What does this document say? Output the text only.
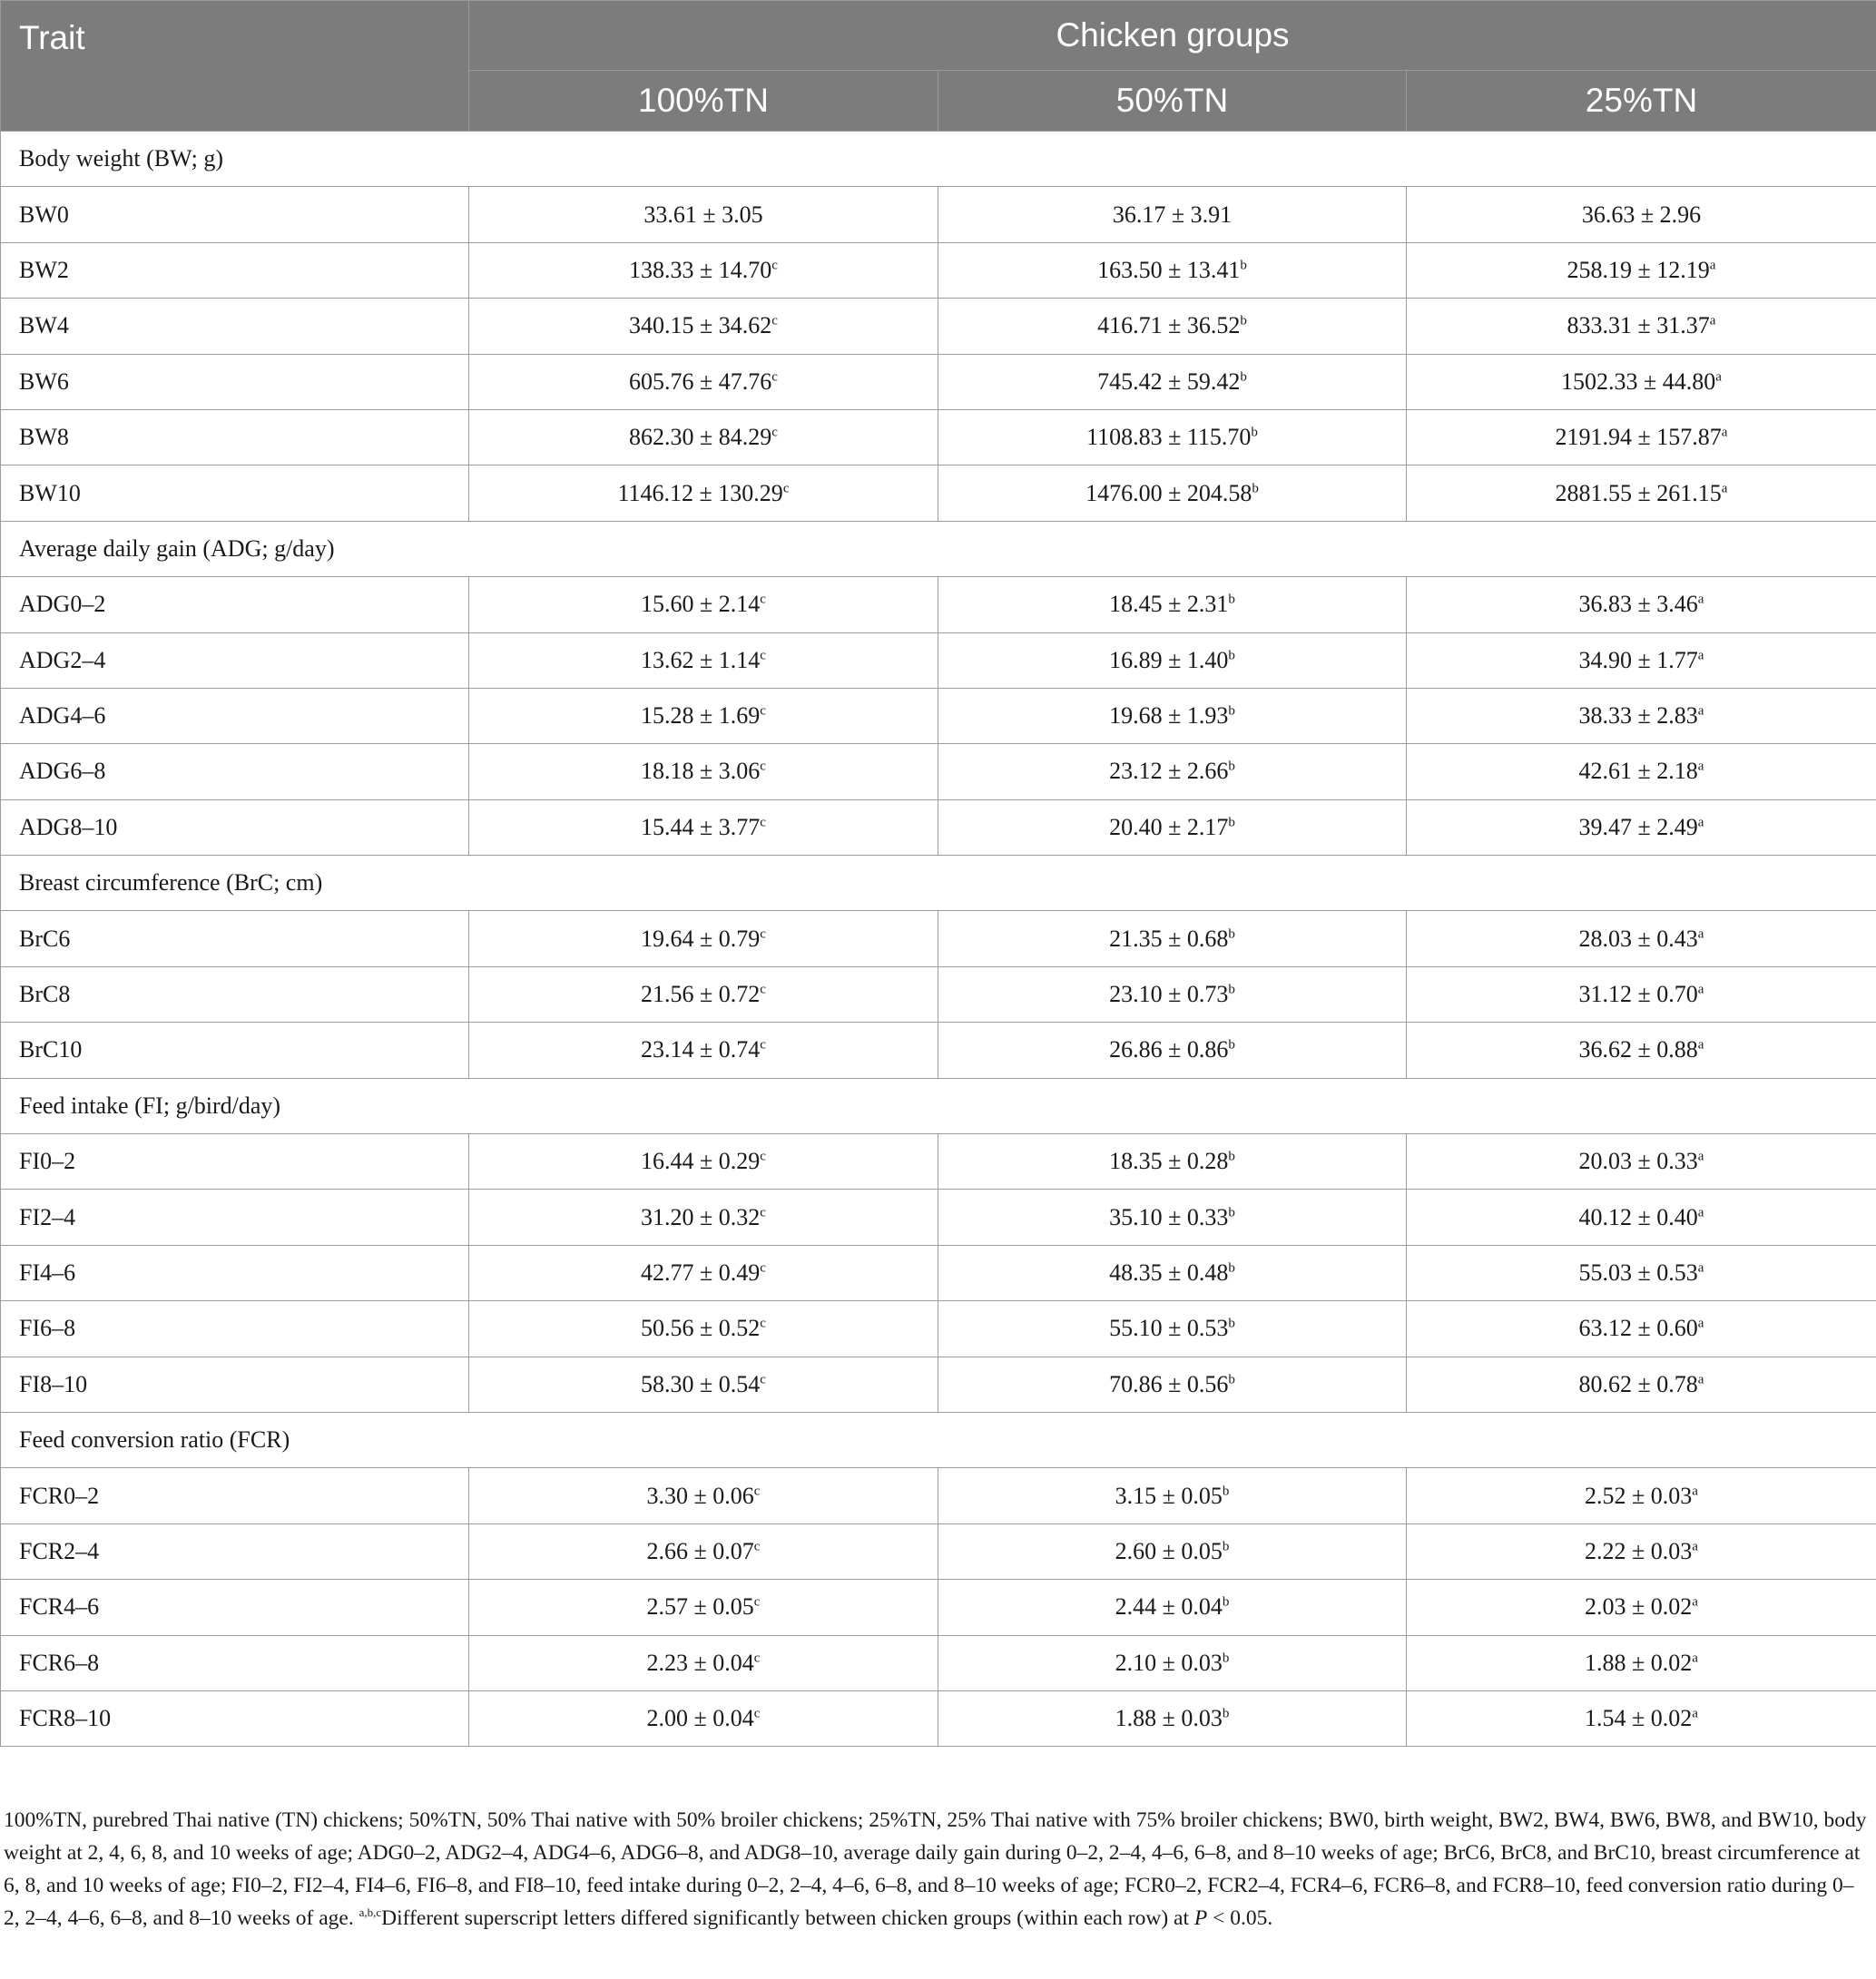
Trait	Chicken groups		
	100%TN	50%TN	25%TN
Body weight (BW; g)			
BW0	33.61 ± 3.05	36.17 ± 3.91	36.63 ± 2.96
BW2	138.33 ± 14.70$^c$	163.50 ± 13.41$^b$	258.19 ± 12.19$^a$
BW4	340.15 ± 34.62$^c$	416.71 ± 36.52$^b$	833.31 ± 31.37$^a$
BW6	605.76 ± 47.76$^c$	745.42 ± 59.42$^b$	1502.33 ± 44.80$^a$
BW8	862.30 ± 84.29$^c$	1108.83 ± 115.70$^b$	2191.94 ± 157.87$^a$
BW10	1146.12 ± 130.29$^c$	1476.00 ± 204.58$^b$	2881.55 ± 261.15$^a$
Average daily gain (ADG; g/day)			
ADG0–2	15.60 ± 2.14$^c$	18.45 ± 2.31$^b$	36.83 ± 3.46$^a$
ADG2–4	13.62 ± 1.14$^c$	16.89 ± 1.40$^b$	34.90 ± 1.77$^a$
ADG4–6	15.28 ± 1.69$^c$	19.68 ± 1.93$^b$	38.33 ± 2.83$^a$
ADG6–8	18.18 ± 3.06$^c$	23.12 ± 2.66$^b$	42.61 ± 2.18$^a$
ADG8–10	15.44 ± 3.77$^c$	20.40 ± 2.17$^b$	39.47 ± 2.49$^a$
Breast circumference (BrC; cm)			
BrC6	19.64 ± 0.79$^c$	21.35 ± 0.68$^b$	28.03 ± 0.43$^a$
BrC8	21.56 ± 0.72$^c$	23.10 ± 0.73$^b$	31.12 ± 0.70$^a$
BrC10	23.14 ± 0.74$^c$	26.86 ± 0.86$^b$	36.62 ± 0.88$^a$
Feed intake (FI; g/bird/day)			
FI0–2	16.44 ± 0.29$^c$	18.35 ± 0.28$^b$	20.03 ± 0.33$^a$
FI2–4	31.20 ± 0.32$^c$	35.10 ± 0.33$^b$	40.12 ± 0.40$^a$
FI4–6	42.77 ± 0.49$^c$	48.35 ± 0.48$^b$	55.03 ± 0.53$^a$
FI6–8	50.56 ± 0.52$^c$	55.10 ± 0.53$^b$	63.12 ± 0.60$^a$
FI8–10	58.30 ± 0.54$^c$	70.86 ± 0.56$^b$	80.62 ± 0.78$^a$
Feed conversion ratio (FCR)			
FCR0–2	3.30 ± 0.06$^c$	3.15 ± 0.05$^b$	2.52 ± 0.03$^a$
FCR2–4	2.66 ± 0.07$^c$	2.60 ± 0.05$^b$	2.22 ± 0.03$^a$
FCR4–6	2.57 ± 0.05$^c$	2.44 ± 0.04$^b$	2.03 ± 0.02$^a$
FCR6–8	2.23 ± 0.04$^c$	2.10 ± 0.03$^b$	1.88 ± 0.02$^a$
FCR8–10	2.00 ± 0.04$^c$	1.88 ± 0.03$^b$	1.54 ± 0.02$^a$
100%TN, purebred Thai native (TN) chickens; 50%TN, 50% Thai native with 50% broiler chickens; 25%TN, 25% Thai native with 75% broiler chickens; BW0, birth weight, BW2, BW4, BW6, BW8, and BW10, body weight at 2, 4, 6, 8, and 10 weeks of age; ADG0–2, ADG2–4, ADG4–6, ADG6–8, and ADG8–10, average daily gain during 0–2, 2–4, 4–6, 6–8, and 8–10 weeks of age; BrC6, BrC8, and BrC10, breast circumference at 6, 8, and 10 weeks of age; FI0–2, FI2–4, FI4–6, FI6–8, and FI8–10, feed intake during 0–2, 2–4, 4–6, 6–8, and 8–10 weeks of age; FCR0–2, FCR2–4, FCR4–6, FCR6–8, and FCR8–10, feed conversion ratio during 0–2, 2–4, 4–6, 6–8, and 8–10 weeks of age. $^{a,b,c}$Different superscript letters differed significantly between chicken groups (within each row) at P < 0.05.
